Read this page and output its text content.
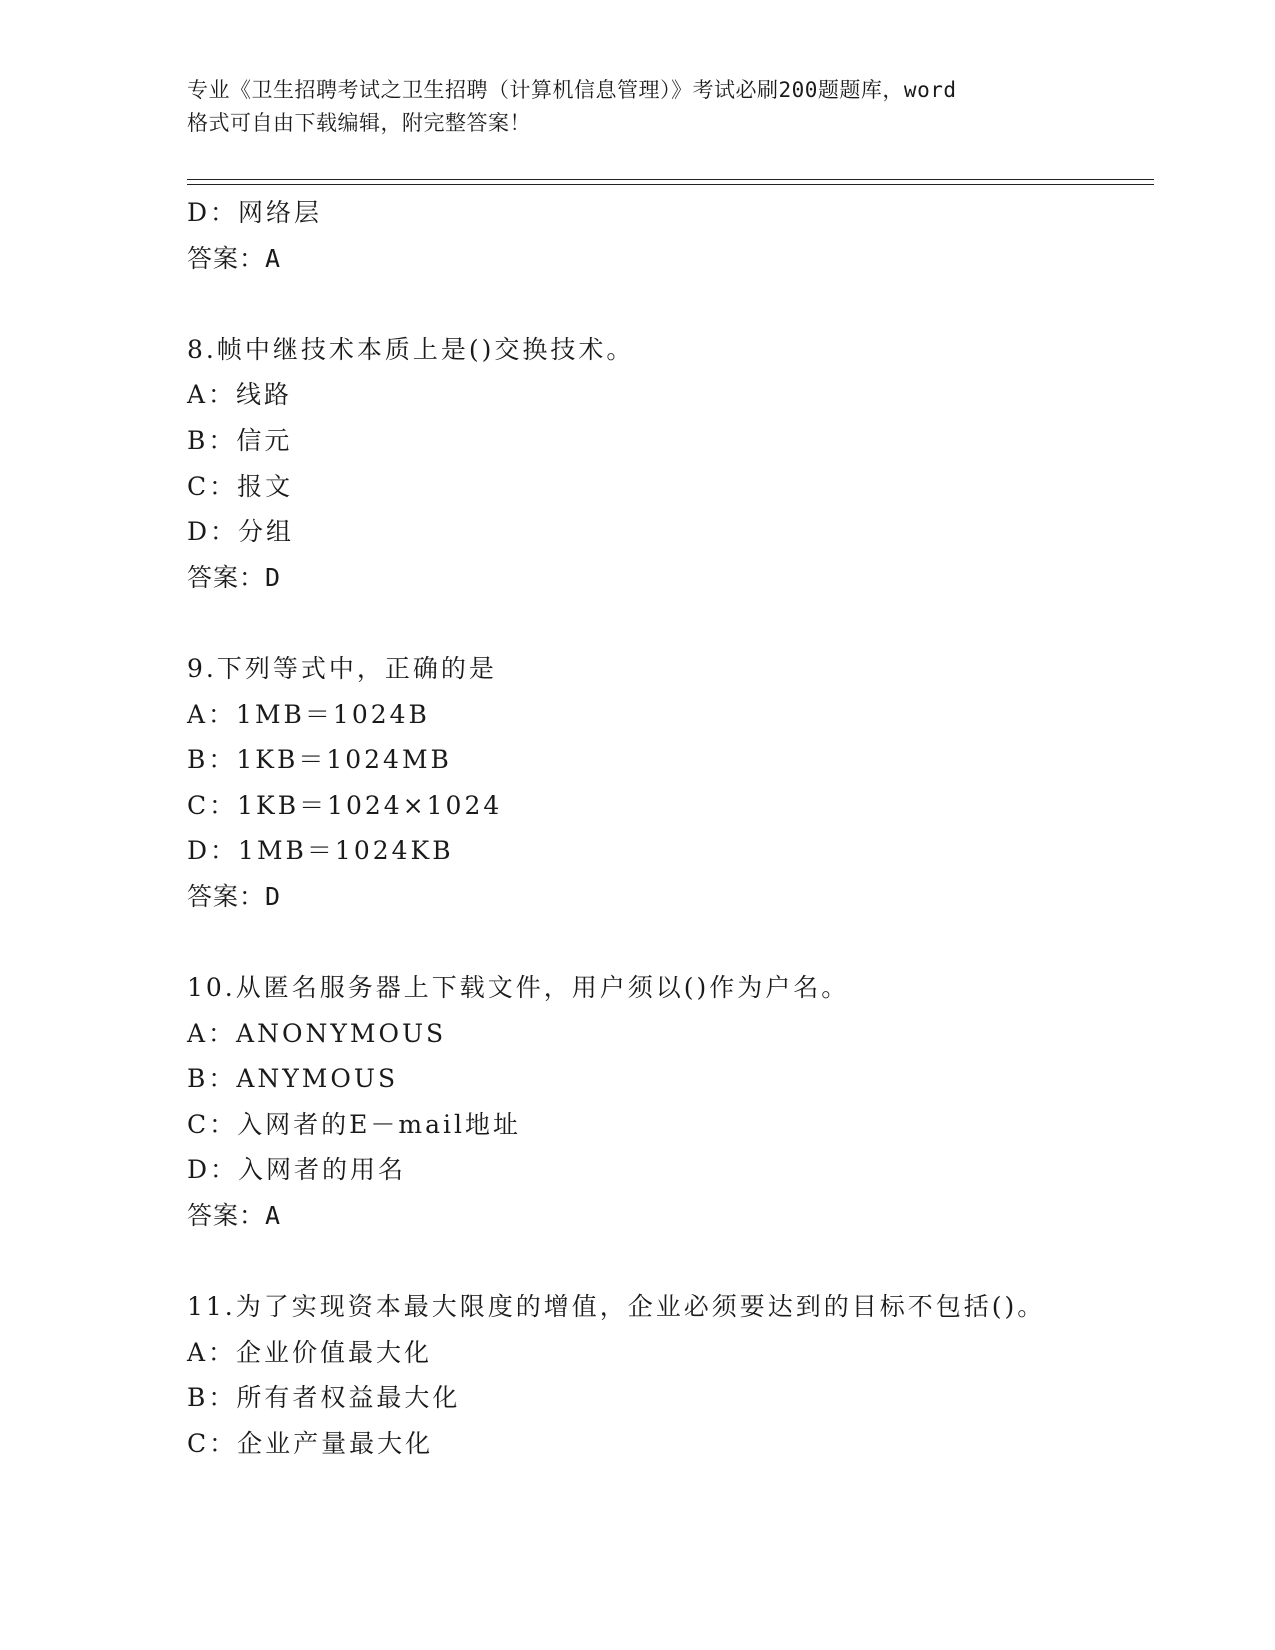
专业《卫生招聘考试之卫生招聘（计算机信息管理）》考试必刷200题题库，word
格式可自由下载编辑，附完整答案！
D：网络层
答案：A
8.帧中继技术本质上是()交换技术。
A：线路
B：信元
C：报文
D：分组
答案：D
9.下列等式中，正确的是
A：1MB＝1024B
B：1KB＝1024MB
C：1KB＝1024×1024
D：1MB＝1024KB
答案：D
10.从匿名服务器上下载文件，用户须以()作为户名。
A：ANONYMOUS
B：ANYMOUS
C：入网者的E－mail地址
D：入网者的用名
答案：A
11.为了实现资本最大限度的增值，企业必须要达到的目标不包括()。
A：企业价值最大化
B：所有者权益最大化
C：企业产量最大化
